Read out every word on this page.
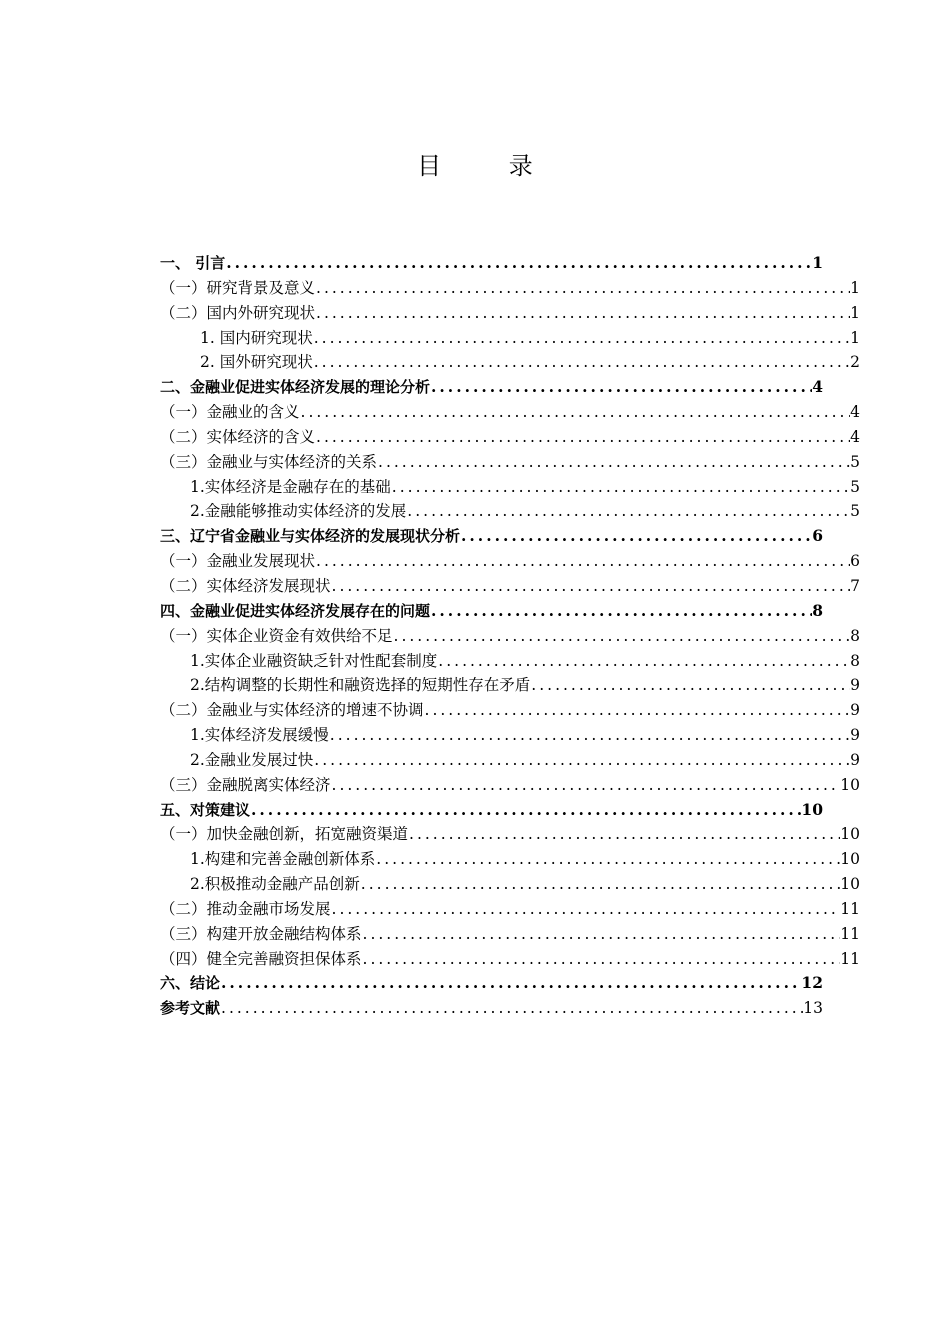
目 录
一、 引言 .....	1
（一）研究背景及意义 .....	1
（二）国内外研究现状 .....	1
1. 国内研究现状 .....	1
2. 国外研究现状 .....	2
二、金融业促进实体经济发展的理论分析 .....	4
（一）金融业的含义 .....	4
（二）实体经济的含义 .....	4
（三）金融业与实体经济的关系 .....	5
1.实体经济是金融存在的基础 .....	5
2.金融能够推动实体经济的发展 .....	5
三、辽宁省金融业与实体经济的发展现状分析 .....	6
（一）金融业发展现状 .....	6
（二）实体经济发展现状 .....	7
四、金融业促进实体经济发展存在的问题 .....	8
（一）实体企业资金有效供给不足 .....	8
1.实体企业融资缺乏针对性配套制度 .....	8
2.结构调整的长期性和融资选择的短期性存在矛盾 .....	9
（二）金融业与实体经济的增速不协调 .....	9
1.实体经济发展缓慢 .....	9
2.金融业发展过快 .....	9
（三）金融脱离实体经济 .....	10
五、对策建议 .....	10
（一）加快金融创新，拓宽融资渠道 .....	10
1.构建和完善金融创新体系 .....	10
2.积极推动金融产品创新 .....	10
（二）推动金融市场发展 .....	11
（三）构建开放金融结构体系 .....	11
（四）健全完善融资担保体系 .....	11
六、结论 .....	12
参考文献 .....	13
